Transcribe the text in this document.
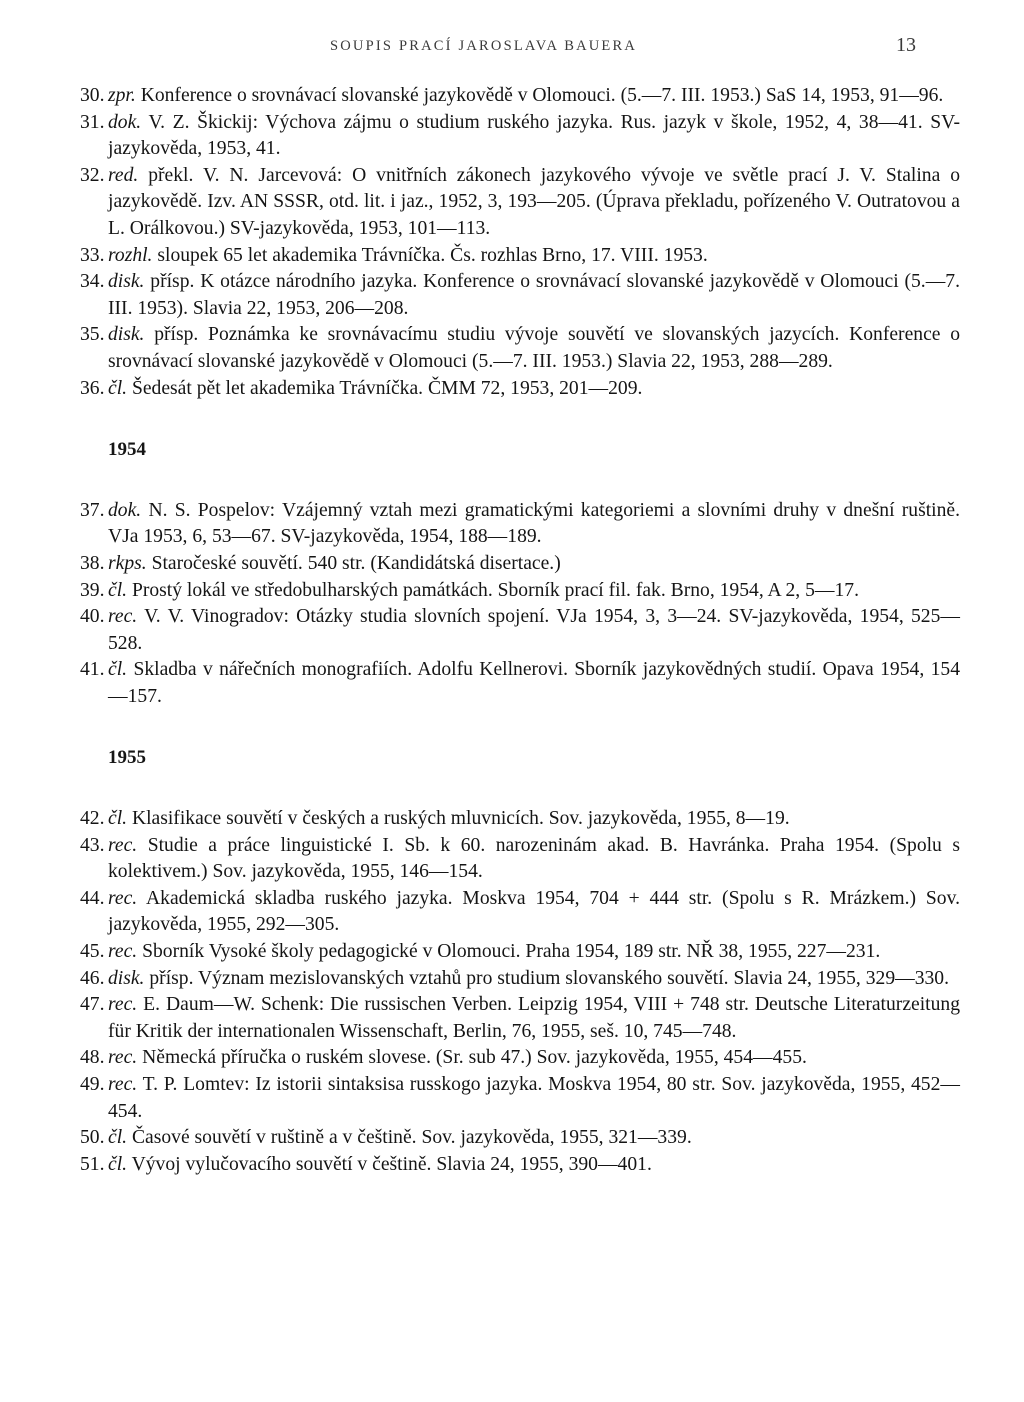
SOUPIS PRACÍ JAROSLAVA BAUERA	13
30. zpr. Konference o srovnávací slovanské jazykovědě v Olomouci. (5.—7. III. 1953.) SaS 14, 1953, 91—96.
31. dok. V. Z. Škickij: Výchova zájmu o studium ruského jazyka. Rus. jazyk v škole, 1952, 4, 38—41. SV-jazykověda, 1953, 41.
32. red. překl. V. N. Jarcevová: O vnitřních zákonech jazykového vývoje ve světle prací J. V. Stalina o jazykovědě. Izv. AN SSSR, otd. lit. i jaz., 1952, 3, 193—205. (Úprava překladu, pořízeného V. Outratovou a L. Orálkovou.) SV-jazykověda, 1953, 101—113.
33. rozhl. sloupek 65 let akademika Trávníčka. Čs. rozhlas Brno, 17. VIII. 1953.
34. disk. přísp. K otázce národního jazyka. Konference o srovnávací slovanské jazykovědě v Olomouci (5.—7. III. 1953). Slavia 22, 1953, 206—208.
35. disk. přísp. Poznámka ke srovnávacímu studiu vývoje souvětí ve slovanských jazycích. Konference o srovnávací slovanské jazykovědě v Olomouci (5.—7. III. 1953.) Slavia 22, 1953, 288—289.
36. čl. Šedesát pět let akademika Trávníčka. ČMM 72, 1953, 201—209.
1954
37. dok. N. S. Pospelov: Vzájemný vztah mezi gramatickými kategoriemi a slovními druhy v dnešní ruštině. VJa 1953, 6, 53—67. SV-jazykověda, 1954, 188—189.
38. rkps. Staročeské souvětí. 540 str. (Kandidátská disertace.)
39. čl. Prostý lokál ve středobulharských památkách. Sborník prací fil. fak. Brno, 1954, A 2, 5—17.
40. rec. V. V. Vinogradov: Otázky studia slovních spojení. VJa 1954, 3, 3—24. SV-jazykověda, 1954, 525—528.
41. čl. Skladba v nářečních monografiích. Adolfu Kellnerovi. Sborník jazykovědných studií. Opava 1954, 154—157.
1955
42. čl. Klasifikace souvětí v českých a ruských mluvnicích. Sov. jazykověda, 1955, 8—19.
43. rec. Studie a práce linguistické I. Sb. k 60. narozeninám akad. B. Havránka. Praha 1954. (Spolu s kolektivem.) Sov. jazykověda, 1955, 146—154.
44. rec. Akademická skladba ruského jazyka. Moskva 1954, 704 + 444 str. (Spolu s R. Mrázkem.) Sov. jazykověda, 1955, 292—305.
45. rec. Sborník Vysoké školy pedagogické v Olomouci. Praha 1954, 189 str. NŘ 38, 1955, 227—231.
46. disk. přísp. Význam mezislovanských vztahů pro studium slovanského souvětí. Slavia 24, 1955, 329—330.
47. rec. E. Daum—W. Schenk: Die russischen Verben. Leipzig 1954, VIII + 748 str. Deutsche Literaturzeitung für Kritik der internationalen Wissenschaft, Berlin, 76, 1955, seš. 10, 745—748.
48. rec. Německá příručka o ruském slovese. (Sr. sub 47.) Sov. jazykověda, 1955, 454—455.
49. rec. T. P. Lomtev: Iz istorii sintaksisa russkogo jazyka. Moskva 1954, 80 str. Sov. jazykověda, 1955, 452—454.
50. čl. Časové souvětí v ruštině a v češtině. Sov. jazykověda, 1955, 321—339.
51. čl. Vývoj vylučovacího souvětí v češtině. Slavia 24, 1955, 390—401.
